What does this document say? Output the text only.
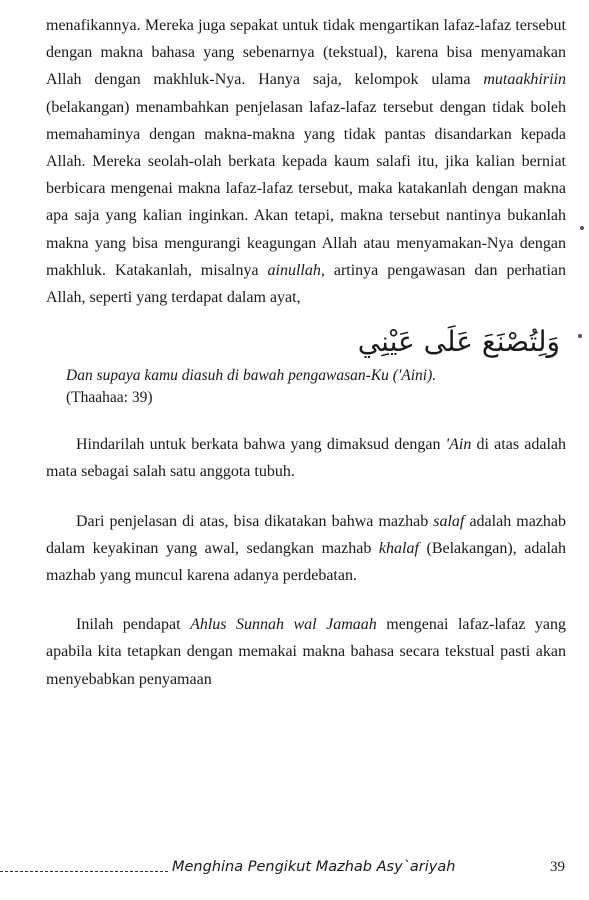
menafikannya. Mereka juga sepakat untuk tidak mengartikan lafaz-lafaz tersebut dengan makna bahasa yang sebenarnya (tekstual), karena bisa menyamakan Allah dengan makhluk-Nya. Hanya saja, kelompok ulama mutaakhiriin (belakangan) menambahkan penjelasan lafaz-lafaz tersebut dengan tidak boleh memahaminya dengan makna-makna yang tidak pantas disandarkan kepada Allah. Mereka seolah-olah berkata kepada kaum salafi itu, jika kalian berniat berbicara mengenai makna lafaz-lafaz tersebut, maka katakanlah dengan makna apa saja yang kalian inginkan. Akan tetapi, makna tersebut nantinya bukanlah makna yang bisa mengurangi keagungan Allah atau menyamakan-Nya dengan makhluk. Katakanlah, misalnya ainullah, artinya pengawasan dan perhatian Allah, seperti yang terdapat dalam ayat,

وَلِتُصْنَعَ عَلَى عَيْنِي
Dan supaya kamu diasuh di bawah pengawasan-Ku ('Aini).
(Thaahaa: 39)

Hindarilah untuk berkata bahwa yang dimaksud dengan 'Ain di atas adalah mata sebagai salah satu anggota tubuh.

Dari penjelasan di atas, bisa dikatakan bahwa mazhab salaf adalah mazhab dalam keyakinan yang awal, sedangkan mazhab khalaf (Belakangan), adalah mazhab yang muncul karena adanya perdebatan.

Inilah pendapat Ahlus Sunnah wal Jamaah mengenai lafaz-lafaz yang apabila kita tetapkan dengan memakai makna bahasa secara tekstual pasti akan menyebabkan penyamaan

Menghina Pengikut Mazhab Asy`ariyah	39
